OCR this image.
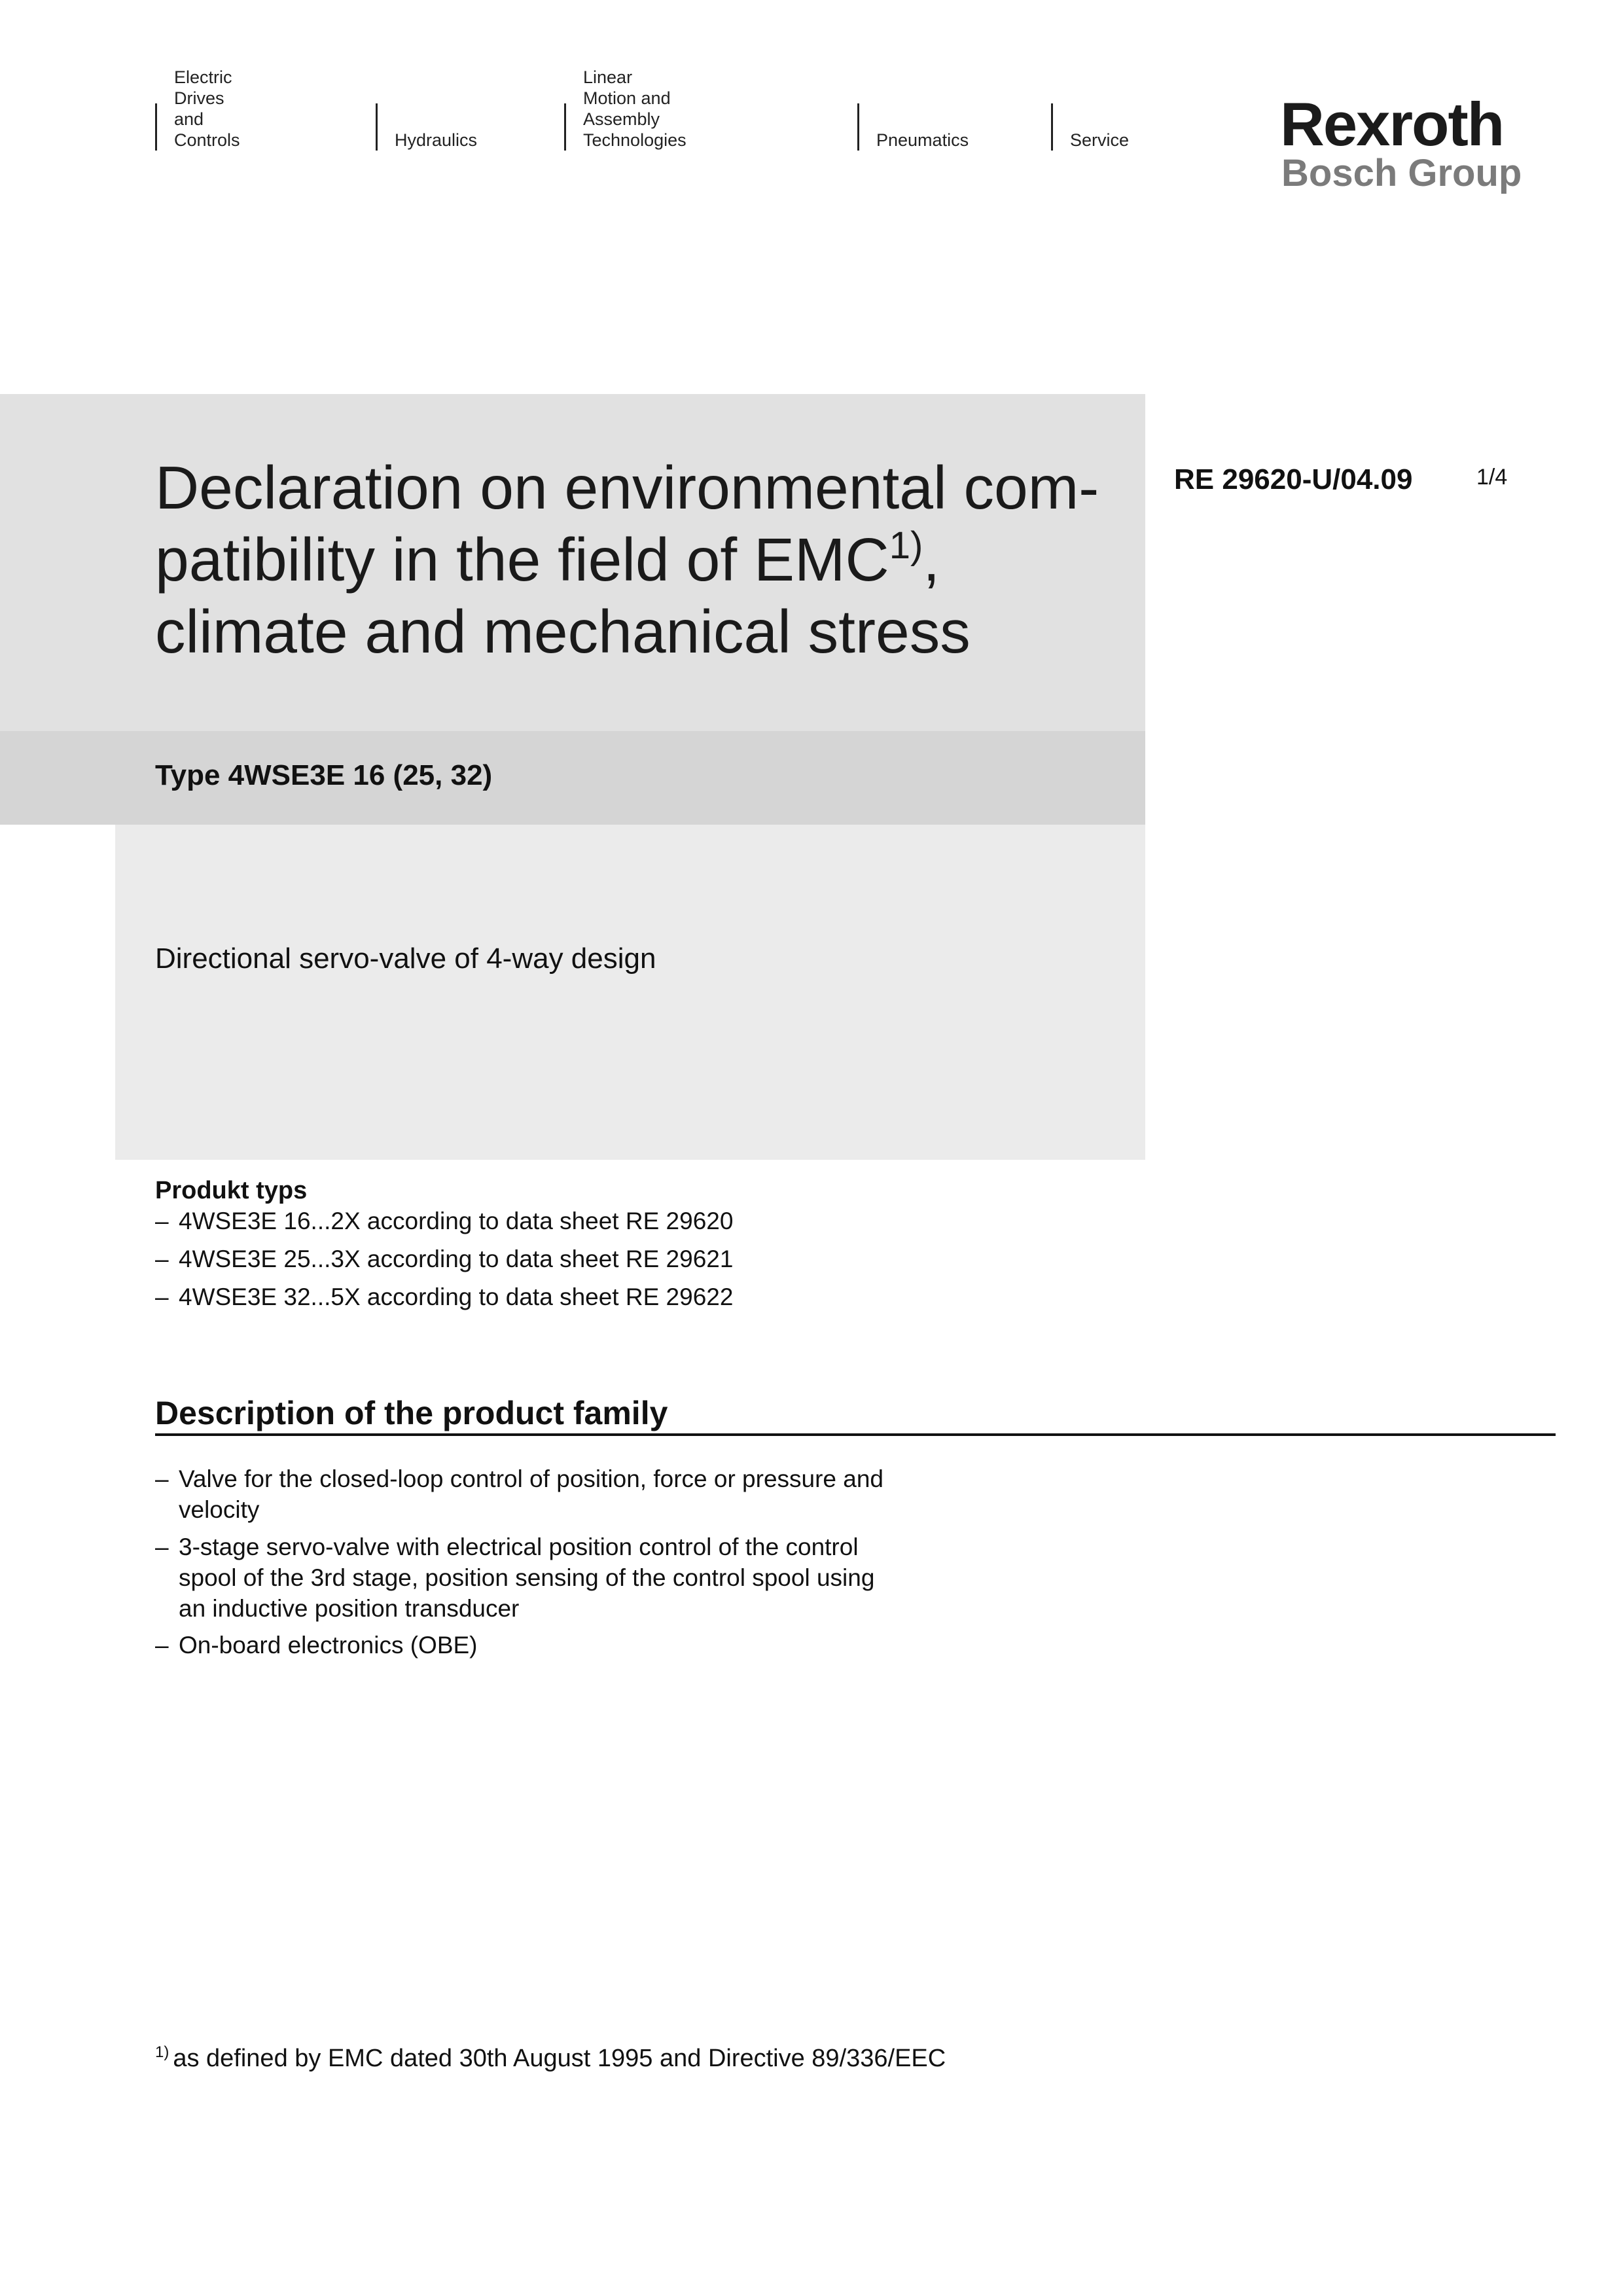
Electric Drives
and Controls	Hydraulics
Linear Motion and
Assembly Technologies	Pneumatics	Service Rexroth
Bosch Group
Declaration on environmental com-patibility in the field of EMC$^{1)}$,
climate and mechanical stress
Type 4WSE3E 16 (25, 32)
Directional servo-valve of 4-way design
RE 29620-U/04.09	1/4
Produkt typs
– 4WSE3E 16...2X according to data sheet RE 29620
– 4WSE3E 25...3X according to data sheet RE 29621
– 4WSE3E 32...5X according to data sheet RE 29622
Description of the product family
– Valve for the closed-loop control of position, force or pressure and velocity
– 3-stage servo-valve with electrical position control of the control spool of the 3rd stage, position sensing of the control spool using an inductive position transducer
– On-board electronics (OBE)
$^{1)}$ as defined by EMC dated 30th August 1995 and Directive 89/336/EEC
